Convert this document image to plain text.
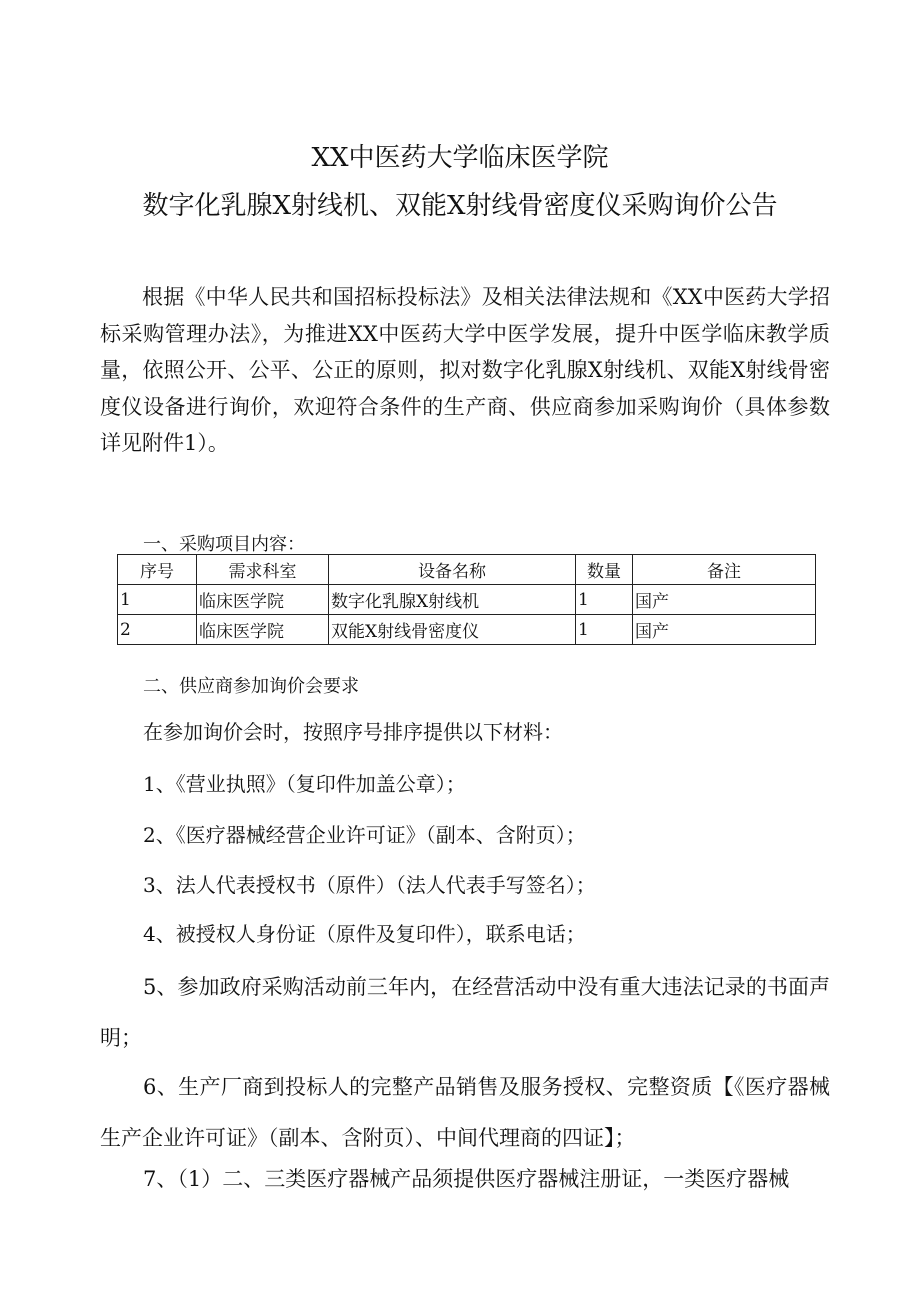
XX中医药大学临床医学院
数字化乳腺X射线机、双能X射线骨密度仪采购询价公告

根据《中华人民共和国招标投标法》及相关法律法规和《XX中医药大学招标采购管理办法》，为推进XX中医药大学中医学发展，提升中医学临床教学质量，依照公开、公平、公正的原则，拟对数字化乳腺X射线机、双能X射线骨密度仪设备进行询价，欢迎符合条件的生产商、供应商参加采购询价（具体参数详见附件1）。

一、采购项目内容：
序号	需求科室	设备名称	数量	备注
1	临床医学院	数字化乳腺X射线机	1	国产
2	临床医学院	双能X射线骨密度仪	1	国产
二、供应商参加询价会要求
在参加询价会时，按照序号排序提供以下材料：
1、《营业执照》（复印件加盖公章）；
2、《医疗器械经营企业许可证》（副本、含附页）；
3、法人代表授权书（原件）（法人代表手写签名）；
4、被授权人身份证（原件及复印件），联系电话；

5、参加政府采购活动前三年内，在经营活动中没有重大违法记录的书面声明；

6、生产厂商到投标人的完整产品销售及服务授权、完整资质【《医疗器械生产企业许可证》（副本、含附页）、中间代理商的四证】；

7、（1）二、三类医疗器械产品须提供医疗器械注册证，一类医疗器械
